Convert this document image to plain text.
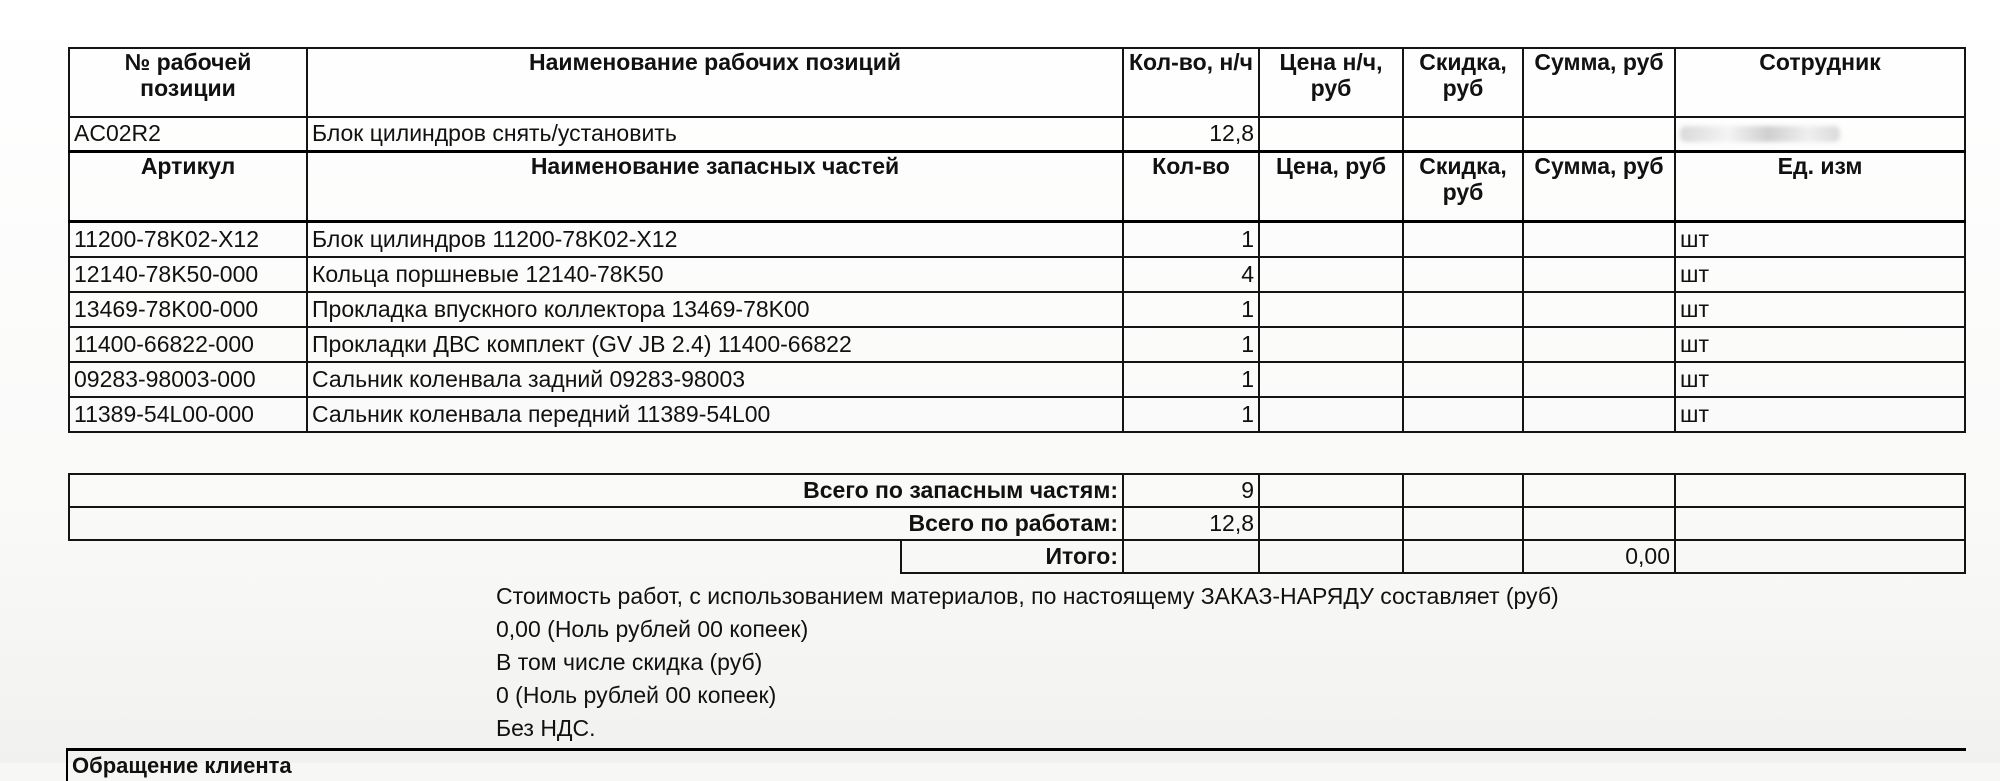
№ рабочей позиции	Наименование рабочих позиций	Кол-во, н/ч	Цена н/ч, руб	Скидка, руб	Сумма, руб	Сотрудник
AC02R2	Блок цилиндров снять/установить	12,8				
Артикул	Наименование запасных частей	Кол-во	Цена, руб	Скидка, руб	Сумма, руб	Ед. изм
11200-78K02-X12	Блок цилиндров 11200-78K02-X12	1				шт
12140-78K50-000	Кольца поршневые 12140-78K50	4				шт
13469-78K00-000	Прокладка впускного коллектора 13469-78K00	1				шт
11400-66822-000	Прокладки ДВС комплект (GV JB 2.4) 11400-66822	1				шт
09283-98003-000	Сальник коленвала задний 09283-98003	1				шт
11389-54L00-000	Сальник коленвала передний 11389-54L00	1				шт
Всего по запасным частям:		9				
Всего по работам:		12,8				
	Итого:				0,00	
Стоимость работ, с использованием материалов, по настоящему ЗАКАЗ-НАРЯДУ составляет (руб)
0,00 (Ноль рублей 00 копеек)
В том числе скидка (руб)
0 (Ноль рублей 00 копеек)
Без НДС.
Обращение клиента
